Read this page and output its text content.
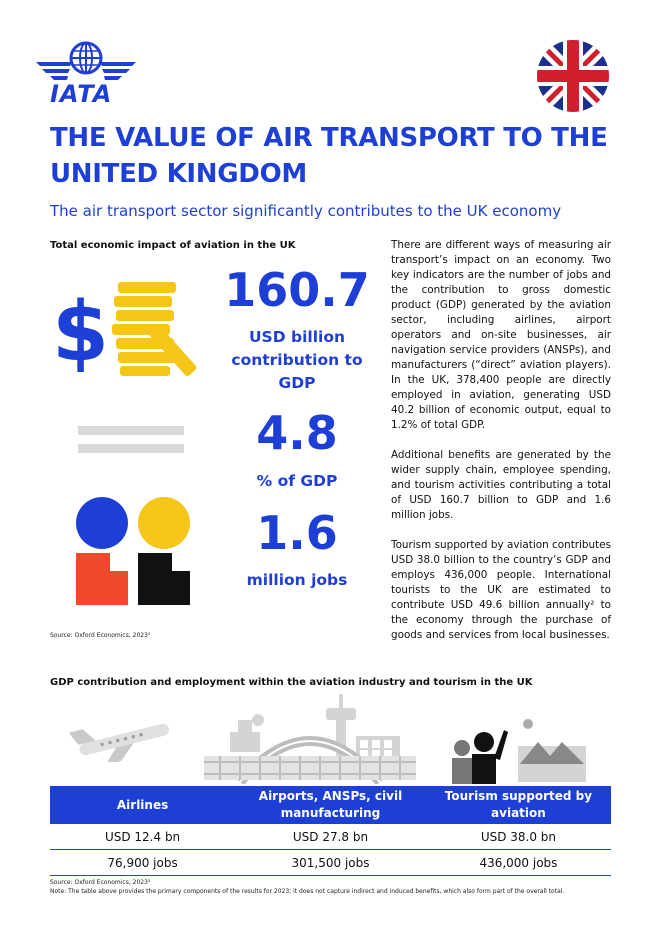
IATA
THE VALUE OF AIR TRANSPORT TO THE UNITED KINGDOM
The air transport sector significantly contributes to the UK economy
Total economic impact of aviation in the UK
$	160.7
USD billion contribution to GDP
4.8
% of GDP
1.6
million jobs
Source: Oxford Economics, 2023¹

There are different ways of measuring air transport’s impact on an economy. Two key indicators are the number of jobs and the contribution to gross domestic product (GDP) generated by the aviation sector, including airlines, airport operators and on-site businesses, air navigation service providers (ANSPs), and manufacturers (“direct” aviation players). In the UK, 378,400 people are directly employed in aviation, generating USD 40.2 billion of economic output, equal to 1.2% of total GDP.

Additional benefits are generated by the wider supply chain, employee spending, and tourism activities contributing a total of USD 160.7 billion to GDP and 1.6 million jobs.

Tourism supported by aviation contributes USD 38.0 billion to the country’s GDP and employs 436,000 people. International tourists to the UK are estimated to contribute USD 49.6 billion annually² to the economy through the purchase of goods and services from local businesses.

GDP contribution and employment within the aviation industry and tourism in the UK
Airlines	Airports, ANSPs, civil manufacturing	Tourism supported by aviation
USD 12.4 bn	USD 27.8 bn	USD 38.0 bn
76,900 jobs	301,500 jobs	436,000 jobs
Source: Oxford Economics, 2023³
Note: The table above provides the primary components of the results for 2023; it does not capture indirect and induced benefits, which also form part of the overall total.
